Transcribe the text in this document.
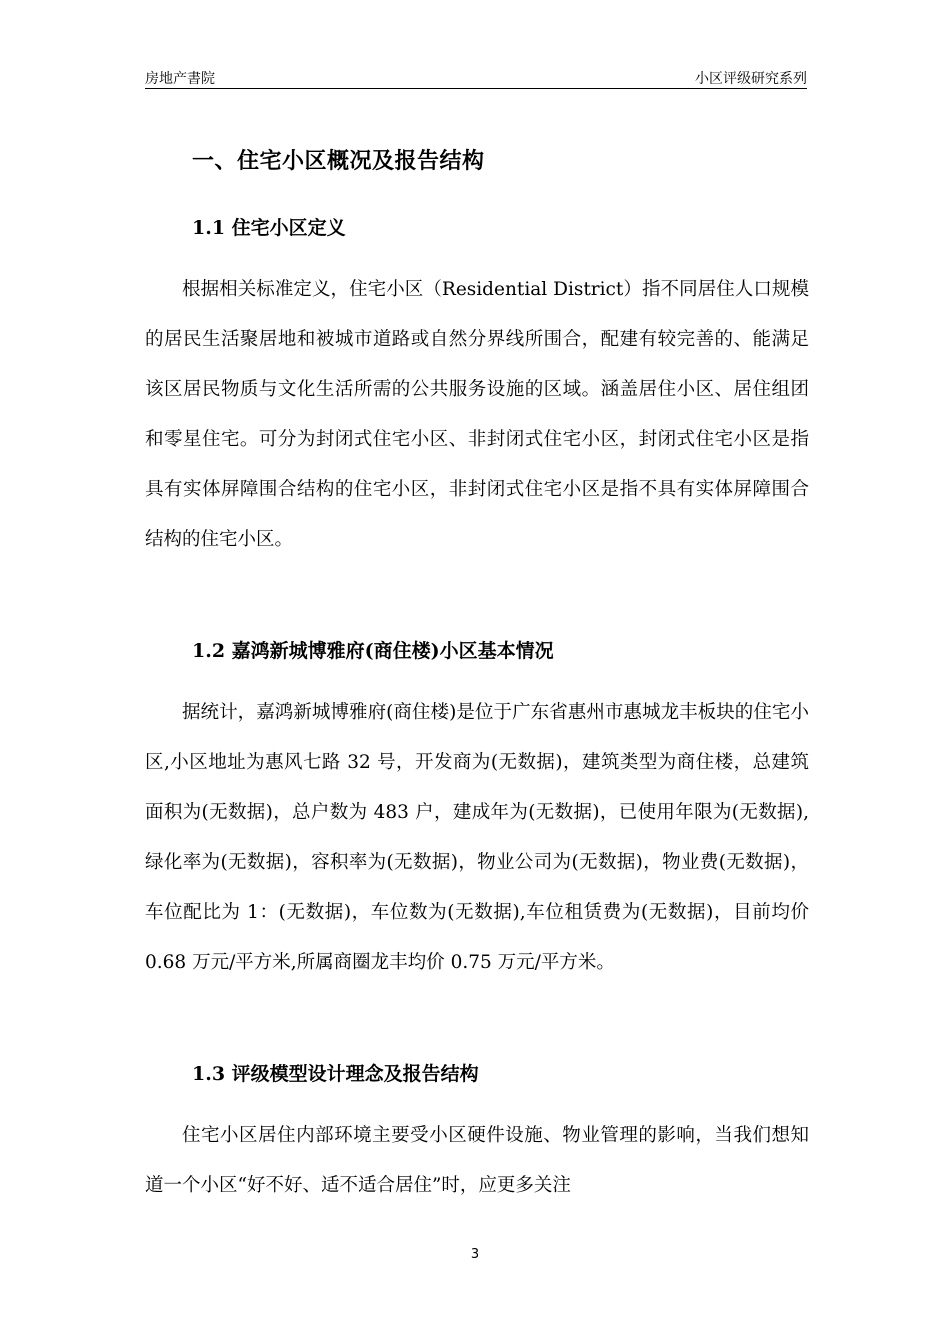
房地产書院	小区评级研究系列
一、住宅小区概况及报告结构
1.1 住宅小区定义

根据相关标准定义，住宅小区（Residential District）指不同居住人口规模的居民生活聚居地和被城市道路或自然分界线所围合，配建有较完善的、能满足该区居民物质与文化生活所需的公共服务设施的区域。涵盖居住小区、居住组团和零星住宅。可分为封闭式住宅小区、非封闭式住宅小区，封闭式住宅小区是指具有实体屏障围合结构的住宅小区，非封闭式住宅小区是指不具有实体屏障围合结构的住宅小区。

1.2 嘉鸿新城博雅府(商住楼)小区基本情况

据统计，嘉鸿新城博雅府(商住楼)是位于广东省惠州市惠城龙丰板块的住宅小区,小区地址为惠风七路 32 号，开发商为(无数据)，建筑类型为商住楼，总建筑面积为(无数据)，总户数为 483 户，建成年为(无数据)，已使用年限为(无数据),绿化率为(无数据)，容积率为(无数据)，物业公司为(无数据)，物业费(无数据)，车位配比为 1：(无数据)，车位数为(无数据),车位租赁费为(无数据)，目前均价 0.68 万元/平方米,所属商圈龙丰均价 0.75 万元/平方米。

1.3 评级模型设计理念及报告结构

住宅小区居住内部环境主要受小区硬件设施、物业管理的影响，当我们想知道一个小区“好不好、适不适合居住”时，应更多关注

3
